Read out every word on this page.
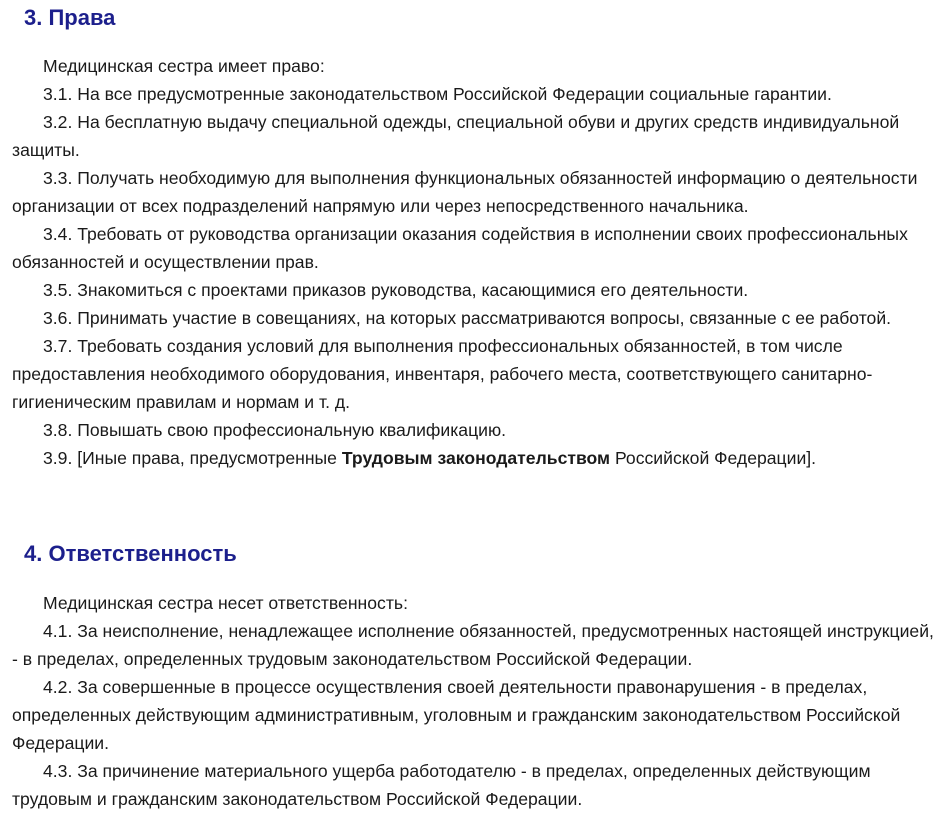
3. Права

Медицинская сестра имеет право:

3.1. На все предусмотренные законодательством Российской Федерации социальные гарантии.

3.2. На бесплатную выдачу специальной одежды, специальной обуви и других средств индивидуальной защиты.

3.3. Получать необходимую для выполнения функциональных обязанностей информацию о деятельности организации от всех подразделений напрямую или через непосредственного начальника.

3.4. Требовать от руководства организации оказания содействия в исполнении своих профессиональных обязанностей и осуществлении прав.

3.5. Знакомиться с проектами приказов руководства, касающимися его деятельности.

3.6. Принимать участие в совещаниях, на которых рассматриваются вопросы, связанные с ее работой.

3.7. Требовать создания условий для выполнения профессиональных обязанностей, в том числе предоставления необходимого оборудования, инвентаря, рабочего места, соответствующего санитарно-гигиеническим правилам и нормам и т. д.

3.8. Повышать свою профессиональную квалификацию.

3.9. [Иные права, предусмотренные Трудовым законодательством Российской Федерации].

4. Ответственность

Медицинская сестра несет ответственность:

4.1. За неисполнение, ненадлежащее исполнение обязанностей, предусмотренных настоящей инструкцией, - в пределах, определенных трудовым законодательством Российской Федерации.

4.2. За совершенные в процессе осуществления своей деятельности правонарушения - в пределах, определенных действующим административным, уголовным и гражданским законодательством Российской Федерации.

4.3. За причинение материального ущерба работодателю - в пределах, определенных действующим трудовым и гражданским законодательством Российской Федерации.
